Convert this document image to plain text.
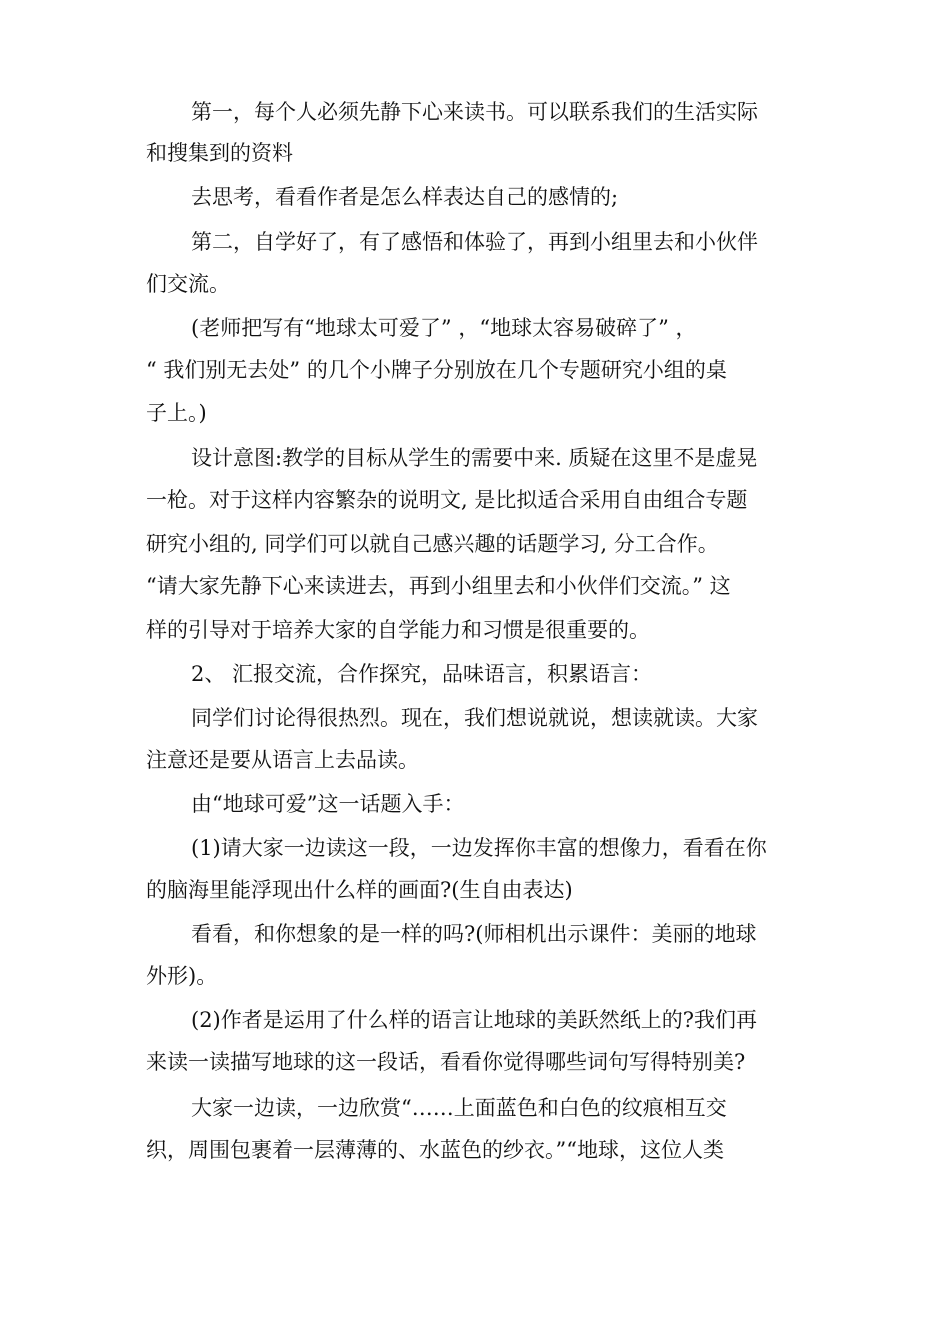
第一，每个人必须先静下心来读书。可以联系我们的生活实际
和搜集到的资料
去思考，看看作者是怎么样表达自己的感情的;
第二，自学好了，有了感悟和体验了，再到小组里去和小伙伴
们交流。
(老师把写有“地球太可爱了” ，“地球太容易破碎了” ，
“ 我们别无去处” 的几个小牌子分别放在几个专题研究小组的桌
子上。)
设计意图:教学的目标从学生的需要中来. 质疑在这里不是虚晃
一枪。对于这样内容繁杂的说明文, 是比拟适合采用自由组合专题
研究小组的, 同学们可以就自己感兴趣的话题学习, 分工合作。
“请大家先静下心来读进去，再到小组里去和小伙伴们交流。” 这
样的引导对于培养大家的自学能力和习惯是很重要的。
2、 汇报交流，合作探究，品味语言，积累语言：
同学们讨论得很热烈。现在，我们想说就说，想读就读。大家
注意还是要从语言上去品读。
由“地球可爱”这一话题入手：
(1)请大家一边读这一段，一边发挥你丰富的想像力，看看在你
的脑海里能浮现出什么样的画面?(生自由表达)
看看，和你想象的是一样的吗?(师相机出示课件：美丽的地球
外形)。
(2)作者是运用了什么样的语言让地球的美跃然纸上的?我们再
来读一读描写地球的这一段话，看看你觉得哪些词句写得特别美?
大家一边读，一边欣赏“……上面蓝色和白色的纹痕相互交
织，周围包裹着一层薄薄的、水蓝色的纱衣。”“地球，这位人类
